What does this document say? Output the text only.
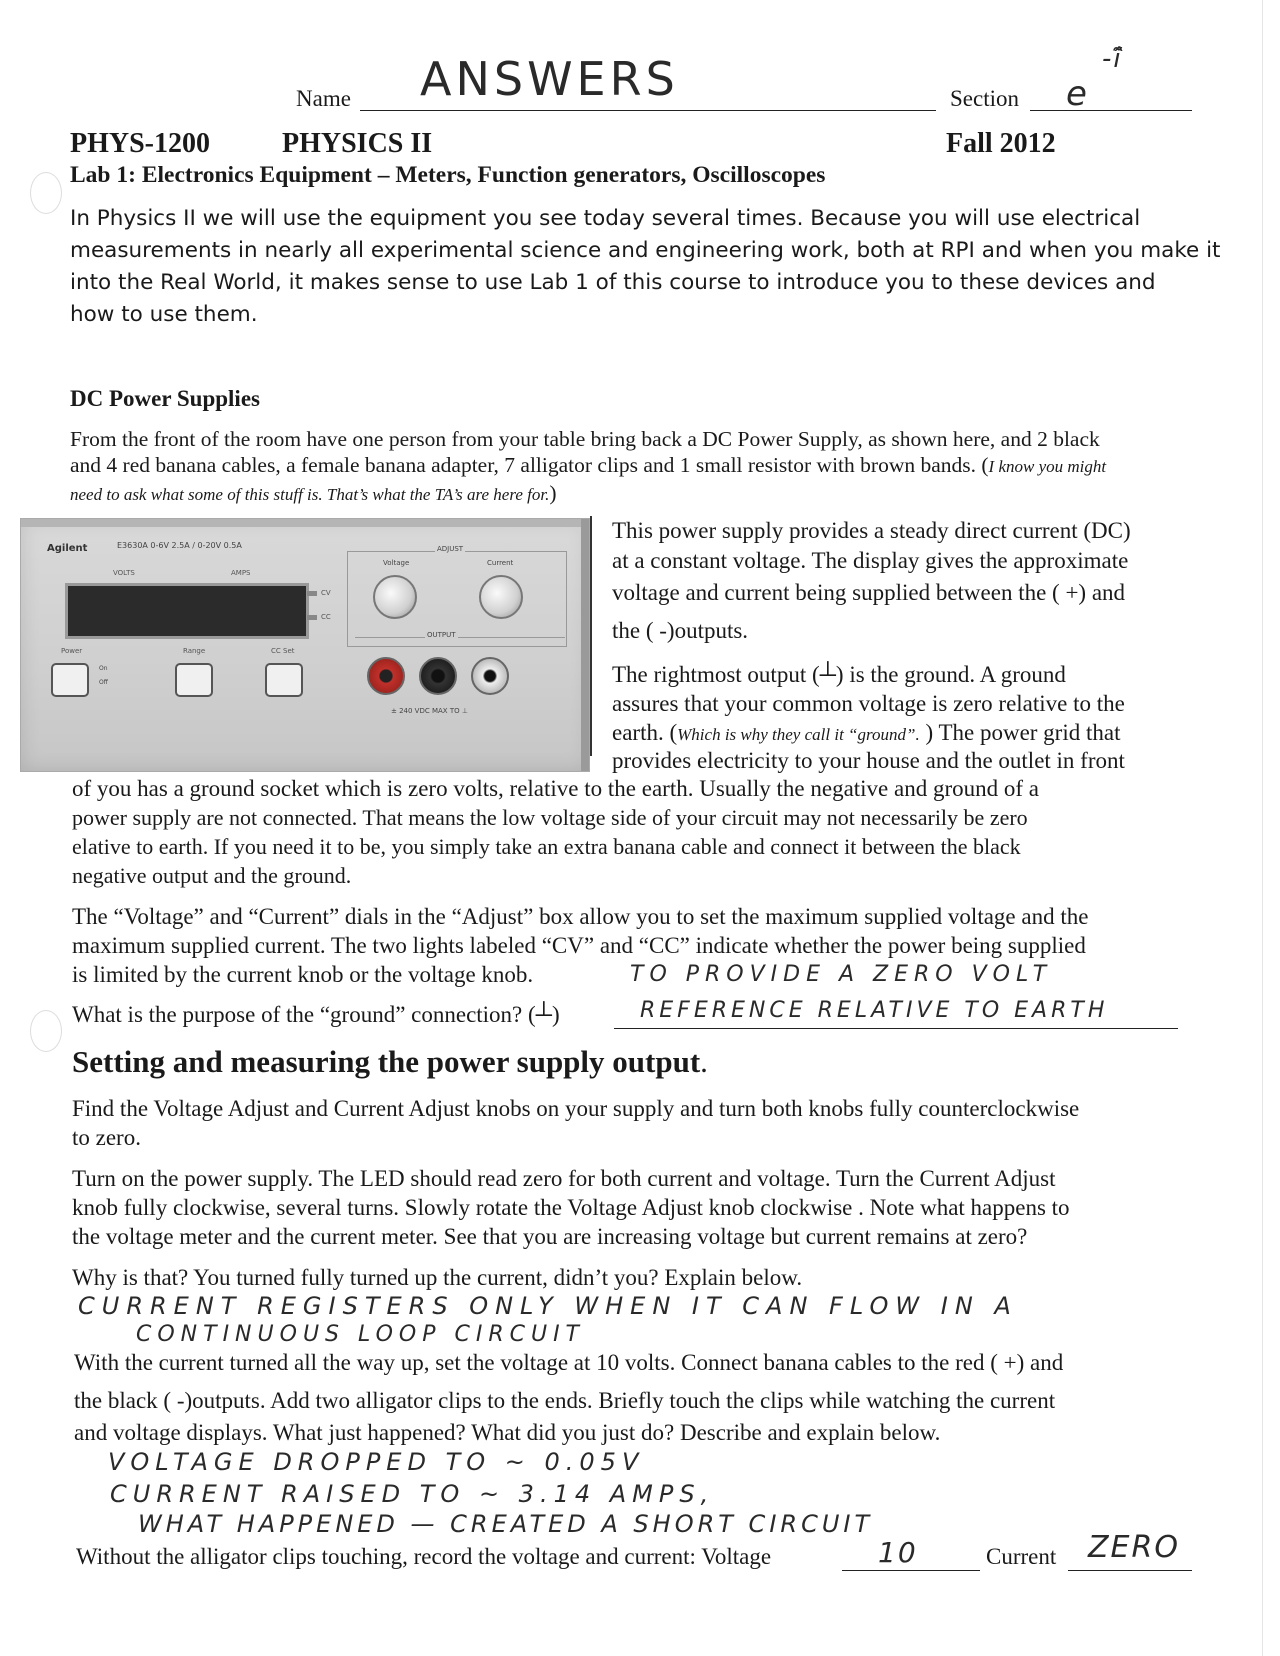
Name ANSWERS	Section e
-î͂
PHYS-1200	PHYSICS II	Fall 2012
Lab 1: Electronics Equipment – Meters, Function generators, Oscilloscopes
In Physics II we will use the equipment you see today several times. Because you will use electrical
measurements in nearly all experimental science and engineering work, both at RPI and when you make it
into the Real World, it makes sense to use Lab 1 of this course to introduce you to these devices and
how to use them.
DC Power Supplies
From the front of the room have one person from your table bring back a DC Power Supply, as shown here, and 2 black
and 4 red banana cables, a female banana adapter, 7 alligator clips and 1 small resistor with brown bands. (I know you might
need to ask what some of this stuff is. That’s what the TA’s are here for.)
Agilent	E3630A 0-6V 2.5A / 0-20V 0.5A
VOLTS	AMPS
CV
CC
ADJUST
Voltage	Current
OUTPUT
± 240 VDC MAX TO ⊥
Power	Range	CC Set
On
Off
This power supply provides a steady direct current (DC)
at a constant voltage. The display gives the approximate
voltage and current being supplied between the ( +) and
the ( -)outputs.
The rightmost output (┴) is the ground. A ground
assures that your common voltage is zero relative to the
earth. (Which is why they call it “ground”. ) The power grid that
provides electricity to your house and the outlet in front
of you has a ground socket which is zero volts, relative to the earth. Usually the negative and ground of a
power supply are not connected. That means the low voltage side of your circuit may not necessarily be zero
elative to earth. If you need it to be, you simply take an extra banana cable and connect it between the black
negative output and the ground.
The “Voltage” and “Current” dials in the “Adjust” box allow you to set the maximum supplied voltage and the
maximum supplied current. The two lights labeled “CV” and “CC” indicate whether the power being supplied
is limited by the current knob or the voltage knob.	TO PROVIDE A ZERO VOLT
What is the purpose of the “ground” connection? (┴)	REFERENCE RELATIVE TO EARTH
Setting and measuring the power supply output.
Find the Voltage Adjust and Current Adjust knobs on your supply and turn both knobs fully counterclockwise
to zero.
Turn on the power supply. The LED should read zero for both current and voltage. Turn the Current Adjust
knob fully clockwise, several turns. Slowly rotate the Voltage Adjust knob clockwise . Note what happens to
the voltage meter and the current meter. See that you are increasing voltage but current remains at zero?
Why is that? You turned fully turned up the current, didn’t you? Explain below.
CURRENT REGISTERS ONLY WHEN IT CAN FLOW IN A
CONTINUOUS LOOP CIRCUIT
With the current turned all the way up, set the voltage at 10 volts. Connect banana cables to the red ( +) and
the black ( -)outputs. Add two alligator clips to the ends. Briefly touch the clips while watching the current
and voltage displays. What just happened? What did you just do? Describe and explain below.
VOLTAGE DROPPED TO ~ 0.05V
CURRENT RAISED TO ~ 3.14 AMPS,
WHAT HAPPENED — CREATED A SHORT CIRCUIT
Without the alligator clips touching, record the voltage and current: Voltage	10	Current ZERO
